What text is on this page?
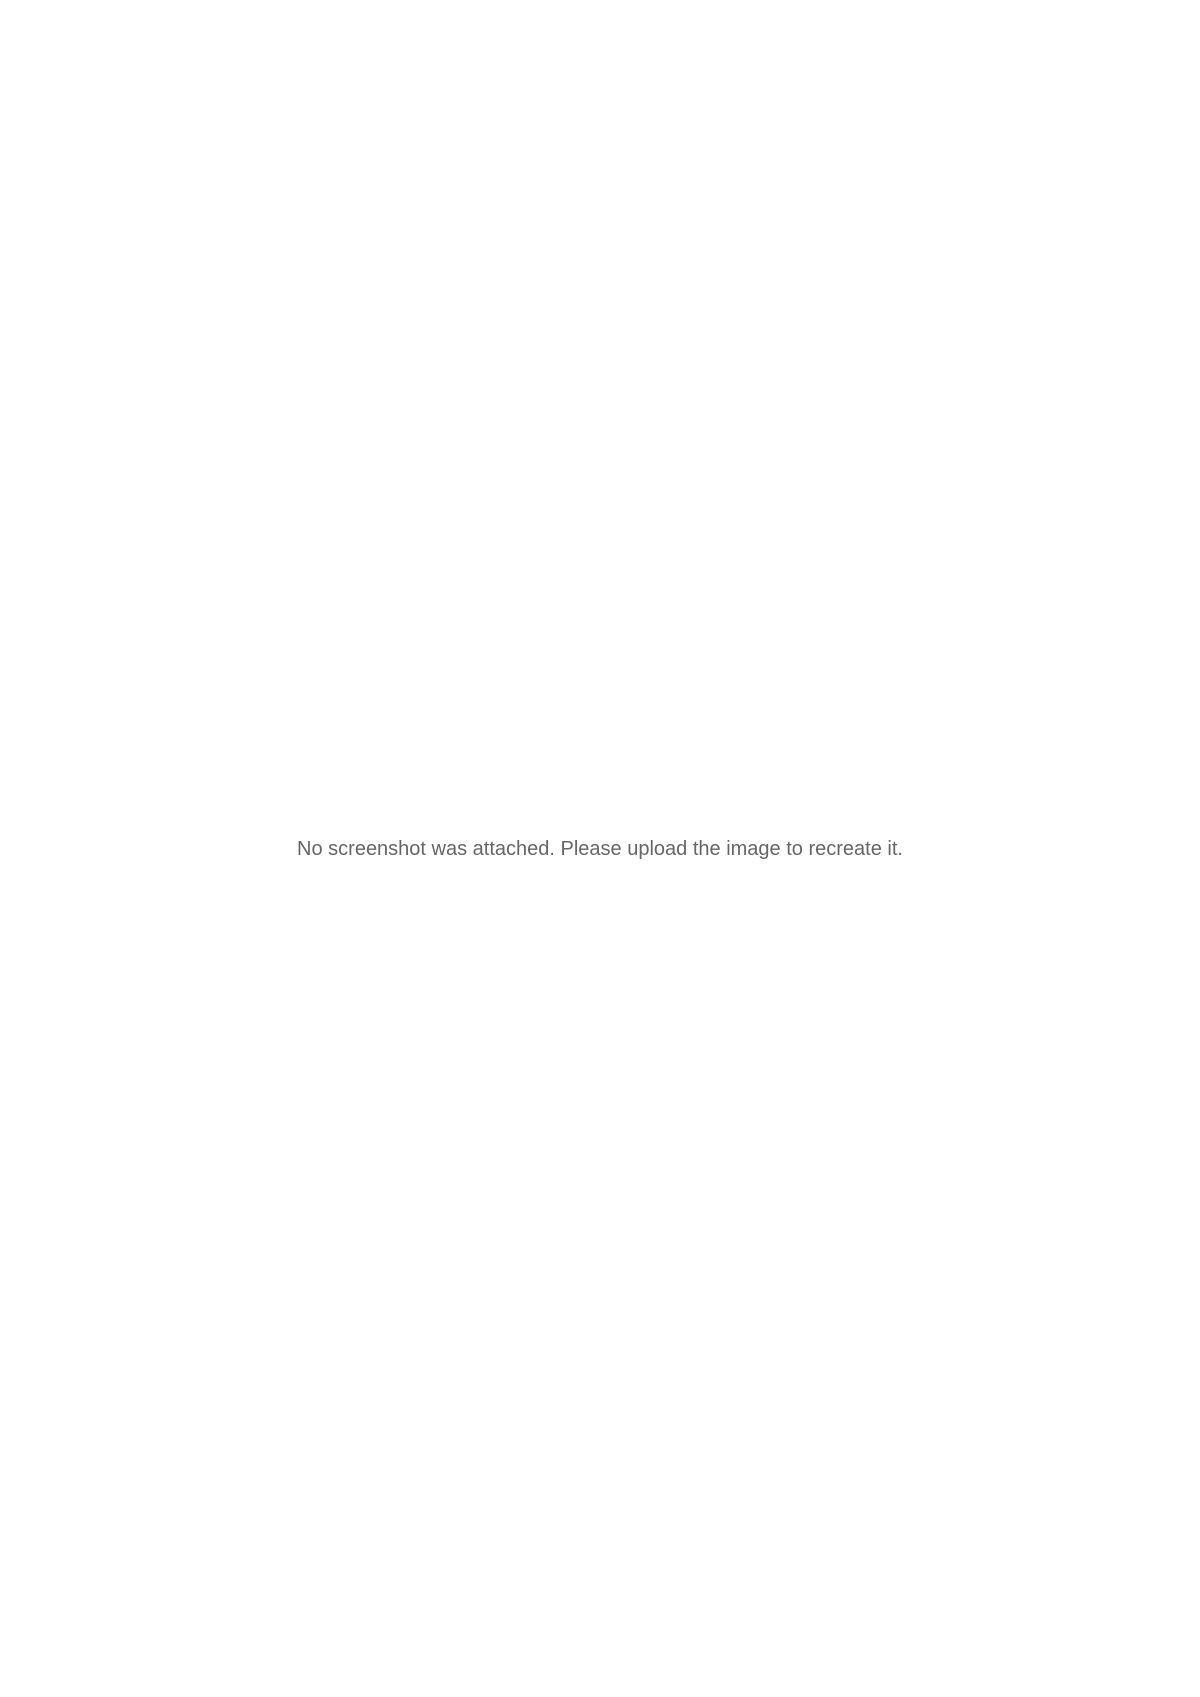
No screenshot was attached. Please upload the image to recreate it.
